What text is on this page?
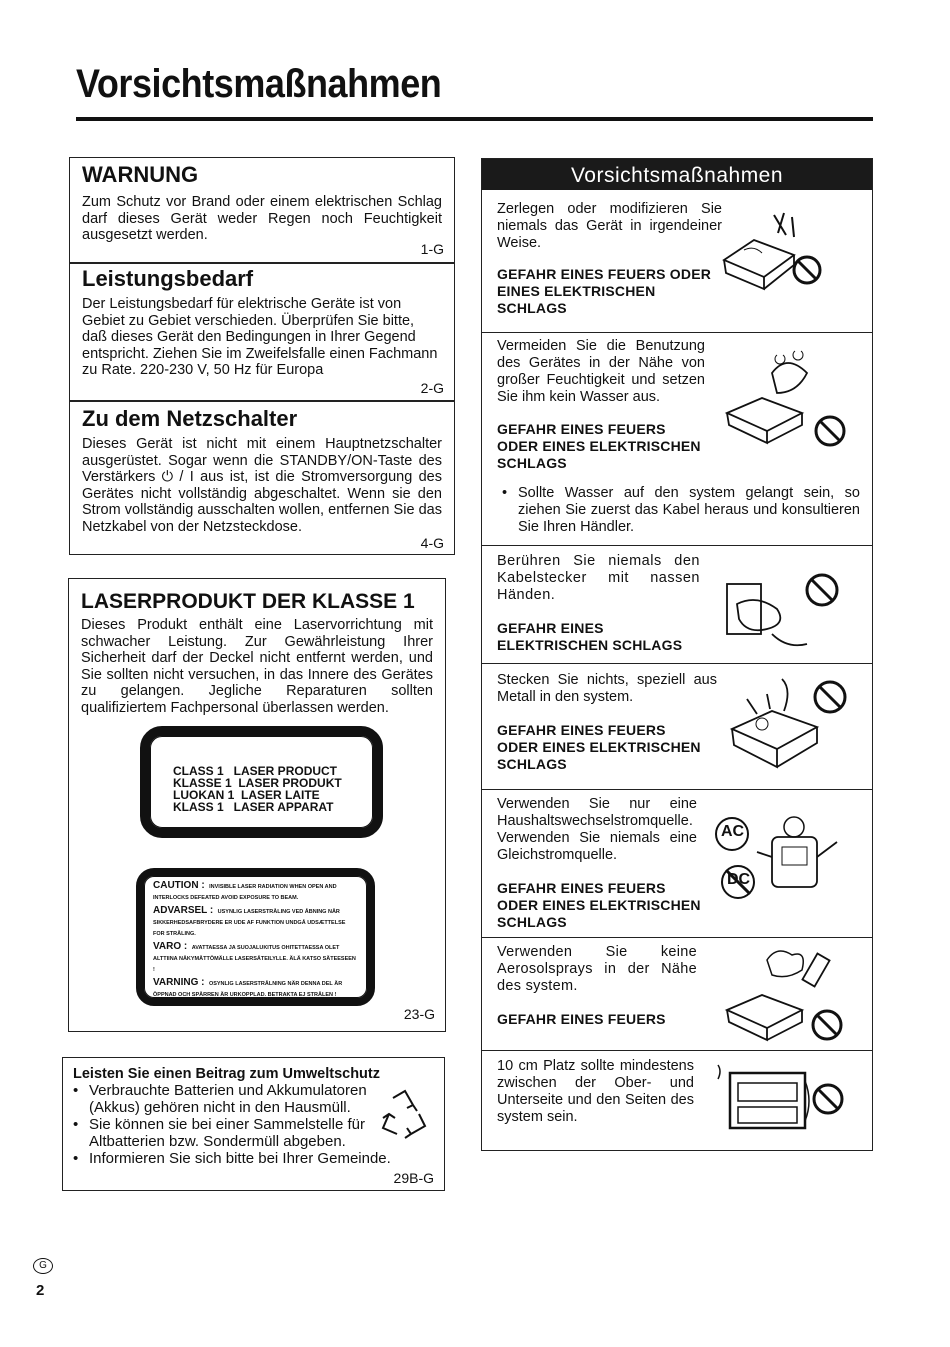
Vorsichtsmaßnahmen
WARNUNG

Zum Schutz vor Brand oder einem elektrischen Schlag darf dieses Gerät weder Regen noch Feuchtigkeit ausgesetzt werden.

1-G
Leistungsbedarf

Der Leistungsbedarf für elektrische Geräte ist von Gebiet zu Gebiet verschieden. Überprüfen Sie bitte, daß dieses Gerät den Bedingungen in Ihrer Gegend entspricht. Ziehen Sie im Zweifelsfalle einen Fachmann zu Rate. 220-230 V, 50 Hz für Europa

2-G
Zu dem Netzschalter

Dieses Gerät ist nicht mit einem Hauptnetzschalter ausgerüstet. Sogar wenn die STANDBY/ON-Taste des Verstärkers ⏻ / I aus ist, ist die Stromversorgung des Gerätes nicht vollständig abgeschaltet. Wenn sie den Strom vollständig ausschalten wollen, entfernen Sie das Netzkabel von der Netzsteckdose.

4-G
LASERPRODUKT DER KLASSE 1

Dieses Produkt enthält eine Laservorrichtung mit schwacher Leistung. Zur Gewährleistung Ihrer Sicherheit darf der Deckel nicht entfernt werden, und Sie sollten nicht versuchen, in das Innere des Gerätes zu gelangen. Jegliche Reparaturen sollten qualifiziertem Fachpersonal überlassen werden.

CLASS 1   LASER PRODUCT
KLASSE 1  LASER PRODUKT
LUOKAN 1  LASER LAITE
KLASS 1   LASER APPARAT
CAUTION : INVISIBLE LASER RADIATION WHEN OPEN AND INTERLOCKS DEFEATED AVOID EXPOSURE TO BEAM.
ADVARSEL : USYNLIG LASERSTRÅLING VED ÅBNING NÅR SIKKERHEDSAFBRYDERE ER UDE AF FUNKTION UNDGÅ UDSÆTTELSE FOR STRÅLING.
VARO : AVATTAESSA JA SUOJALUKITUS OHITETTAESSA OLET ALTTIINA NÄKYMÄTTÖMÄLLE LASERSÄTEILYLLE. ÄLÄ KATSO SÄTEESEEN !
VARNING : OSYNLIG LASERSTRÅLNING NÄR DENNA DEL ÄR ÖPPNAD OCH SPÄRREN ÄR URKOPPLAD. BETRAKTA EJ STRÅLEN !
23-G
Leisten Sie einen Beitrag zum Umweltschutz
• Verbrauchte Batterien und Akkumulatoren (Akkus) gehören nicht in den Hausmüll.
• Sie können sie bei einer Sammelstelle für Altbatterien bzw. Sondermüll abgeben.
• Informieren Sie sich bitte bei Ihrer Gemeinde.
29B-G
Vorsichtsmaßnahmen
Zerlegen oder modifizieren Sie niemals das Gerät in irgendeiner Weise.
GEFAHR EINES FEUERS ODER EINES ELEKTRISCHEN SCHLAGS
Vermeiden Sie die Benutzung des Gerätes in der Nähe von großer Feuchtigkeit und setzen Sie ihm kein Wasser aus.
GEFAHR EINES FEUERS ODER EINES ELEKTRISCHEN SCHLAGS
• Sollte Wasser auf den system gelangt sein, so ziehen Sie zuerst das Kabel heraus und konsultieren Sie Ihren Händler.
Berühren Sie niemals den Kabelstecker mit nassen Händen.
GEFAHR EINES ELEKTRISCHEN SCHLAGS
Stecken Sie nichts, speziell aus Metall in den system.
GEFAHR EINES FEUERS ODER EINES ELEKTRISCHEN SCHLAGS
Verwenden Sie nur eine Haushaltswechselstromquelle. Verwenden Sie niemals eine Gleichstromquelle.
GEFAHR EINES FEUERS ODER EINES ELEKTRISCHEN SCHLAGS
AC
DC
Verwenden Sie keine Aerosolsprays in der Nähe des system.
GEFAHR EINES FEUERS
10 cm Platz sollte mindestens zwischen der Ober- und Unterseite und den Seiten des system sein.
G
2
